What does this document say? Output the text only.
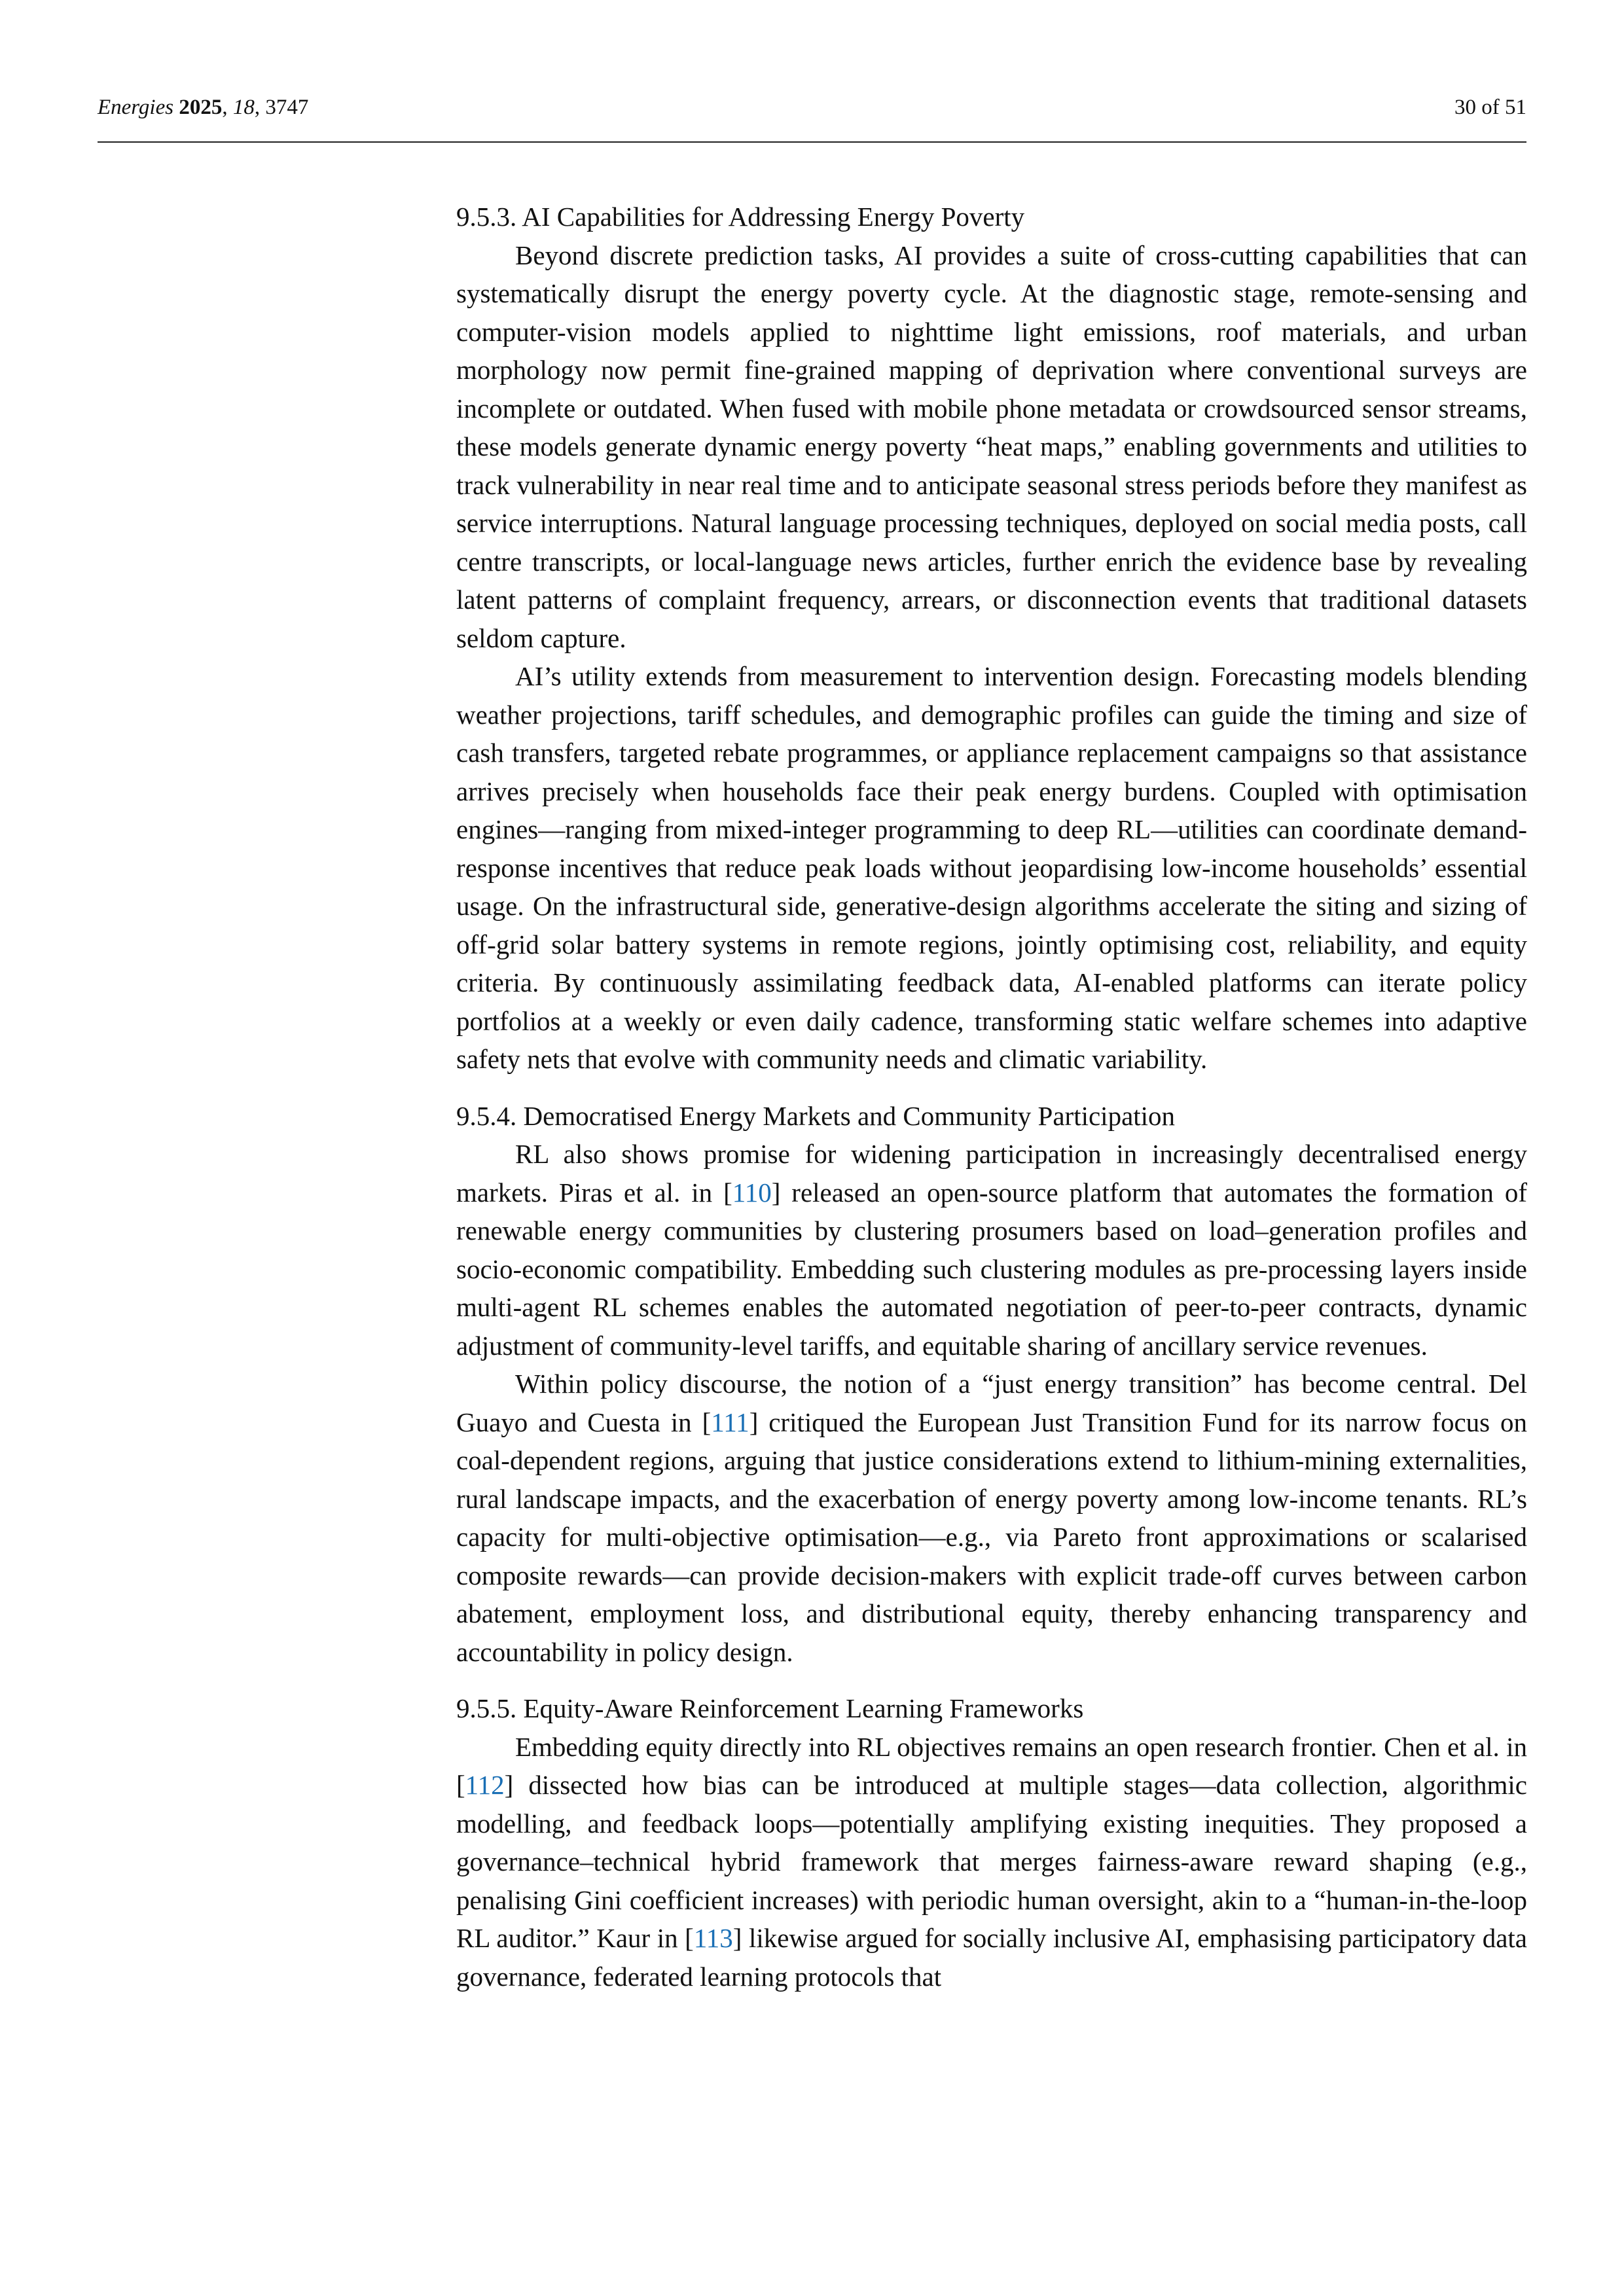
Energies 2025, 18, 3747	30 of 51
9.5.3. AI Capabilities for Addressing Energy Poverty

Beyond discrete prediction tasks, AI provides a suite of cross-cutting capabilities that can systematically disrupt the energy poverty cycle. At the diagnostic stage, remote-sensing and computer-vision models applied to nighttime light emissions, roof materials, and urban morphology now permit fine-grained mapping of deprivation where conventional surveys are incomplete or outdated. When fused with mobile phone metadata or crowdsourced sensor streams, these models generate dynamic energy poverty “heat maps,” enabling governments and utilities to track vulnerability in near real time and to anticipate seasonal stress periods before they manifest as service interruptions. Natural language processing techniques, deployed on social media posts, call centre transcripts, or local-language news articles, further enrich the evidence base by revealing latent patterns of complaint frequency, arrears, or disconnection events that traditional datasets seldom capture.

AI’s utility extends from measurement to intervention design. Forecasting models blending weather projections, tariff schedules, and demographic profiles can guide the timing and size of cash transfers, targeted rebate programmes, or appliance replacement campaigns so that assistance arrives precisely when households face their peak energy burdens. Coupled with optimisation engines—ranging from mixed-integer programming to deep RL—utilities can coordinate demand-response incentives that reduce peak loads without jeopardising low-income households’ essential usage. On the infrastructural side, generative-design algorithms accelerate the siting and sizing of off-grid solar battery systems in remote regions, jointly optimising cost, reliability, and equity criteria. By continuously assimilating feedback data, AI-enabled platforms can iterate policy portfolios at a weekly or even daily cadence, transforming static welfare schemes into adaptive safety nets that evolve with community needs and climatic variability.

9.5.4. Democratised Energy Markets and Community Participation

RL also shows promise for widening participation in increasingly decentralised energy markets. Piras et al. in [110] released an open-source platform that automates the formation of renewable energy communities by clustering prosumers based on load–generation profiles and socio-economic compatibility. Embedding such clustering modules as pre-processing layers inside multi-agent RL schemes enables the automated negotiation of peer-to-peer contracts, dynamic adjustment of community-level tariffs, and equitable sharing of ancillary service revenues.

Within policy discourse, the notion of a “just energy transition” has become central. Del Guayo and Cuesta in [111] critiqued the European Just Transition Fund for its narrow focus on coal-dependent regions, arguing that justice considerations extend to lithium-mining externalities, rural landscape impacts, and the exacerbation of energy poverty among low-income tenants. RL’s capacity for multi-objective optimisation—e.g., via Pareto front approximations or scalarised composite rewards—can provide decision-makers with explicit trade-off curves between carbon abatement, employment loss, and distributional equity, thereby enhancing transparency and accountability in policy design.

9.5.5. Equity-Aware Reinforcement Learning Frameworks

Embedding equity directly into RL objectives remains an open research frontier. Chen et al. in [112] dissected how bias can be introduced at multiple stages—data collection, algorithmic modelling, and feedback loops—potentially amplifying existing inequities. They proposed a governance–technical hybrid framework that merges fairness-aware reward shaping (e.g., penalising Gini coefficient increases) with periodic human oversight, akin to a “human-in-the-loop RL auditor.” Kaur in [113] likewise argued for socially inclusive AI, emphasising participatory data governance, federated learning protocols that
